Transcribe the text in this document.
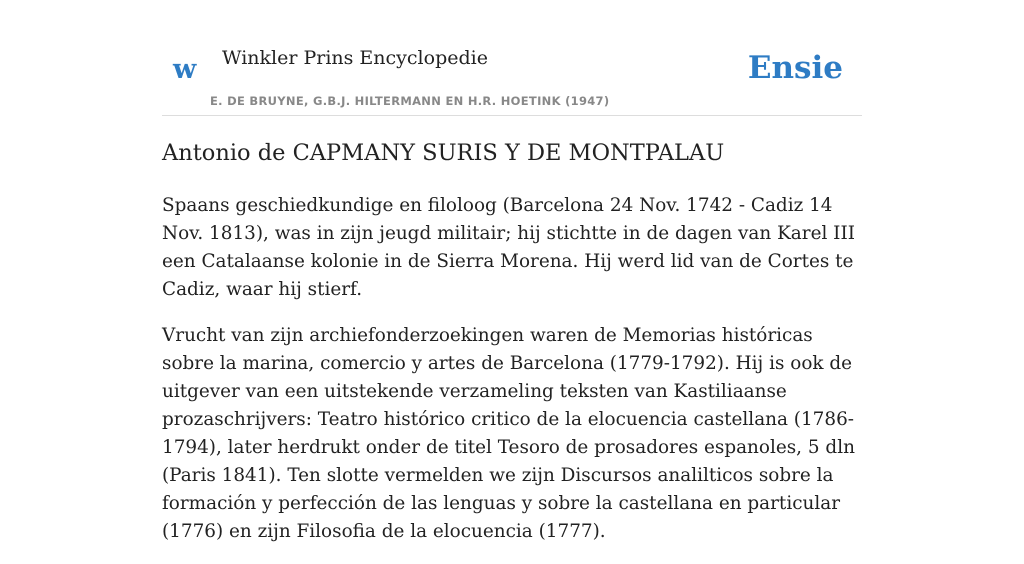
w Winkler Prins Encyclopedie
E. DE BRUYNE, G.B.J. HILTERMANN EN H.R. HOETINK (1947)
Ensie
Antonio de CAPMANY SURIS Y DE MONTPALAU

Spaans geschiedkundige en filoloog (Barcelona 24 Nov. 1742 - Cadiz 14 Nov. 1813), was in zijn jeugd militair; hij stichtte in de dagen van Karel III een Catalaanse kolonie in de Sierra Morena. Hij werd lid van de Cortes te Cadiz, waar hij stierf.

Vrucht van zijn archiefonderzoekingen waren de Memorias históricas sobre la marina, comercio y artes de Barcelona (1779-1792). Hij is ook de uitgever van een uitstekende verzameling teksten van Kastiliaanse prozaschrijvers: Teatro histórico critico de la elocuencia castellana (1786-1794), later herdrukt onder de titel Tesoro de prosadores espanoles, 5 dln (Paris 1841). Ten slotte vermelden we zijn Discursos analilticos sobre la formación y perfección de las lenguas y sobre la castellana en particular (1776) en zijn Filosofia de la elocuencia (1777).
